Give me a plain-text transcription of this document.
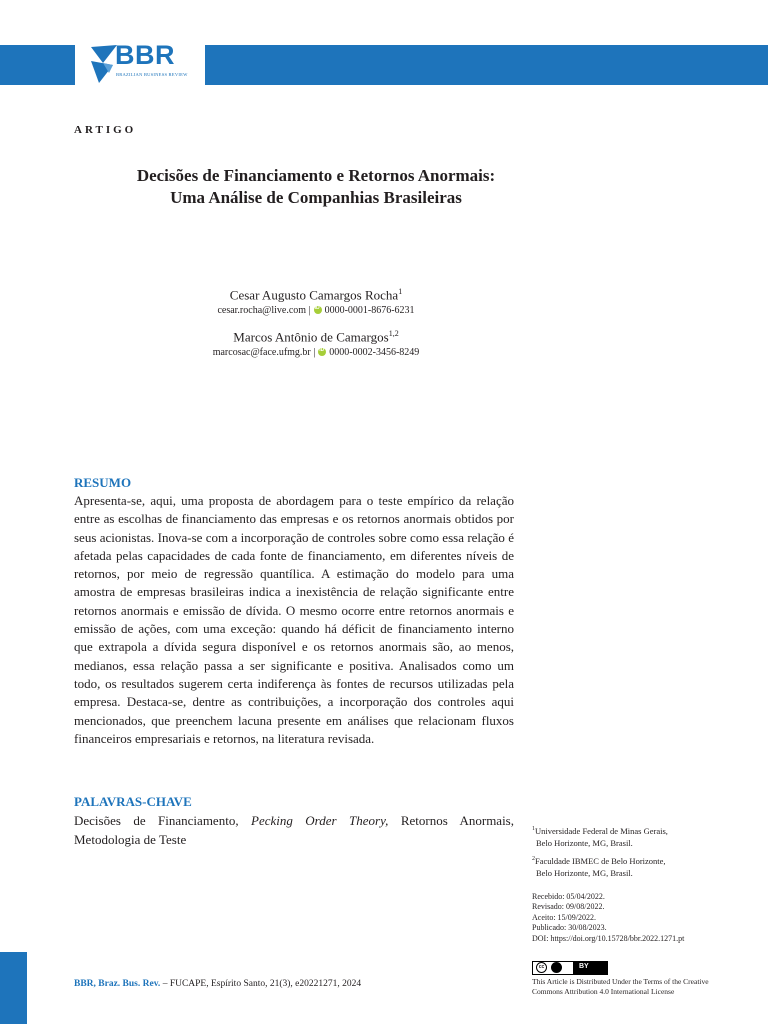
BBR
BRAZILIAN BUSINESS REVIEW
ARTIGO
Decisões de Financiamento e Retornos Anormais:
Uma Análise de Companhias Brasileiras
Cesar Augusto Camargos Rocha$^1$
cesar.rocha@live.com | iD 0000-0001-8676-6231
Marcos Antônio de Camargos$^{1,2}$
marcosac@face.ufmg.br | iD 0000-0002-3456-8249
RESUMO
Apresenta-se, aqui, uma proposta de abordagem para o teste empírico da relação entre as escolhas de financiamento das empresas e os retornos anormais obtidos por seus acionistas. Inova-se com a incorporação de controles sobre como essa relação é afetada pelas capacidades de cada fonte de financiamento, em diferentes níveis de retornos, por meio de regressão quantílica. A estimação do modelo para uma amostra de empresas brasileiras indica a inexistência de relação significante entre retornos anormais e emissão de dívida. O mesmo ocorre entre retornos anormais e emissão de ações, com uma exceção: quando há déficit de financiamento interno que extrapola a dívida segura disponível e os retornos anormais são, ao menos, medianos, essa relação passa a ser significante e positiva. Analisados como um todo, os resultados sugerem certa indiferença às fontes de recursos utilizadas pela empresa. Destaca-se, dentre as contribuições, a incorporação dos controles aqui mencionados, que preenchem lacuna presente em análises que relacionam fluxos financeiros empresariais e retornos, na literatura revisada.
PALAVRAS-CHAVE
Decisões de Financiamento, Pecking Order Theory, Retornos Anormais, Metodologia de Teste
$^1$Universidade Federal de Minas Gerais,
Belo Horizonte, MG, Brasil.
$^2$Faculdade IBMEC de Belo Horizonte,
Belo Horizonte, MG, Brasil.
Recebido: 05/04/2022.
Revisado: 09/08/2022.
Aceito: 15/09/2022.
Publicado: 30/08/2023.
DOI: https://doi.org/10.15728/bbr.2022.1271.pt
BBR, Braz. Bus. Rev. – FUCAPE, Espírito Santo, 21(3), e20221271, 2024
cc	BY
This Article is Distributed Under the Terms of the Creative
Commons Attribution 4.0 International License
